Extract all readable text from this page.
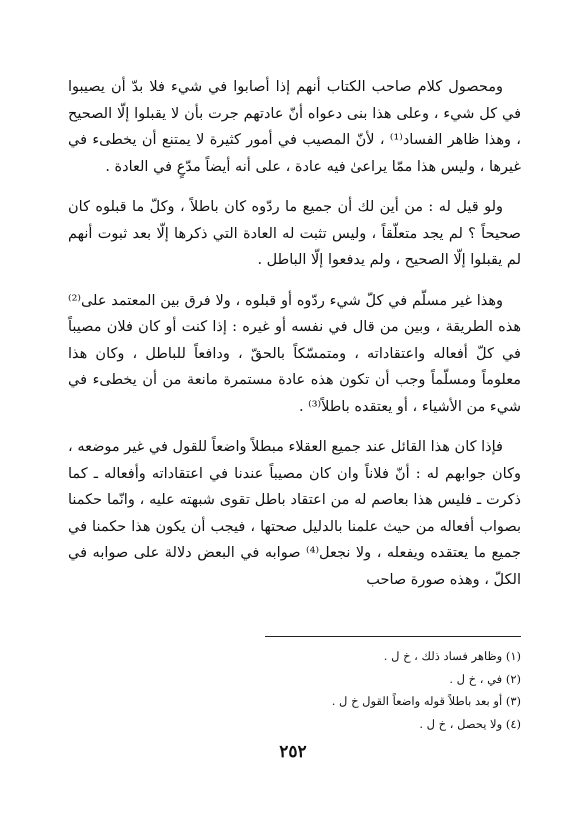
ومحصول كلام صاحب الكتاب أنهم إذا أصابوا في شيء فلا بدّ أن يصيبوا في كل شيء ، وعلى هذا بنى دعواه أنّ عادتهم جرت بأن لا يقبلوا إلّا الصحيح ، وهذا ظاهر الفساد⁽¹⁾ ، لأنّ المصيب في أمور كثيرة لا يمتنع أن يخطىء في غيرها ، وليس هذا ممّا يراعىٰ فيه عادة ، على أنه أيضاً مدّعٍ في العادة .

ولو قيل له : من أين لك أن جميع ما ردّوه كان باطلاً ، وكلّ ما قبلوه كان صحيحاً ؟ لم يجد متعلّقاً ، وليس تثبت له العادة التي ذكرها إلّا بعد ثبوت أنهم لم يقبلوا إلّا الصحيح ، ولم يدفعوا إلّا الباطل .

وهذا غير مسلّم في كلّ شيء ردّوه أو قبلوه ، ولا فرق بين المعتمد على⁽²⁾ هذه الطريقة ، وبين من قال في نفسه أو غيره : إذا كنت أو كان فلان مصيباً في كلّ أفعاله واعتقاداته ، ومتمسّكاً بالحقّ ، ودافعاً للباطل ، وكان هذا معلوماً ومسلّماً وجب أن تكون هذه عادة مستمرة مانعة من أن يخطىء في شيء من الأشياء ، أو يعتقده باطلاً⁽³⁾ .

فإذا كان هذا القائل عند جميع العقلاء مبطلاً واضعاً للقول في غير موضعه ، وكان جوابهم له : أنّ فلاناً وان كان مصيباً عندنا في اعتقاداته وأفعاله ـ كما ذكرت ـ فليس هذا بعاصم له من اعتقاد باطل تقوى شبهته عليه ، وانّما حكمنا بصواب أفعاله من حيث علمنا بالدليل صحتها ، فيجب أن يكون هذا حكمنا في جميع ما يعتقده ويفعله ، ولا نجعل⁽⁴⁾ صوابه في البعض دلالة على صوابه في الكلّ ، وهذه صورة صاحب

(١) وظاهر فساد ذلك ، خ ل .
(٢) في ، خ ل .
(٣) أو بعد باطلاً قوله واضعاً القول خ ل .
(٤) ولا يحصل ، خ ل .
٢٥٢
